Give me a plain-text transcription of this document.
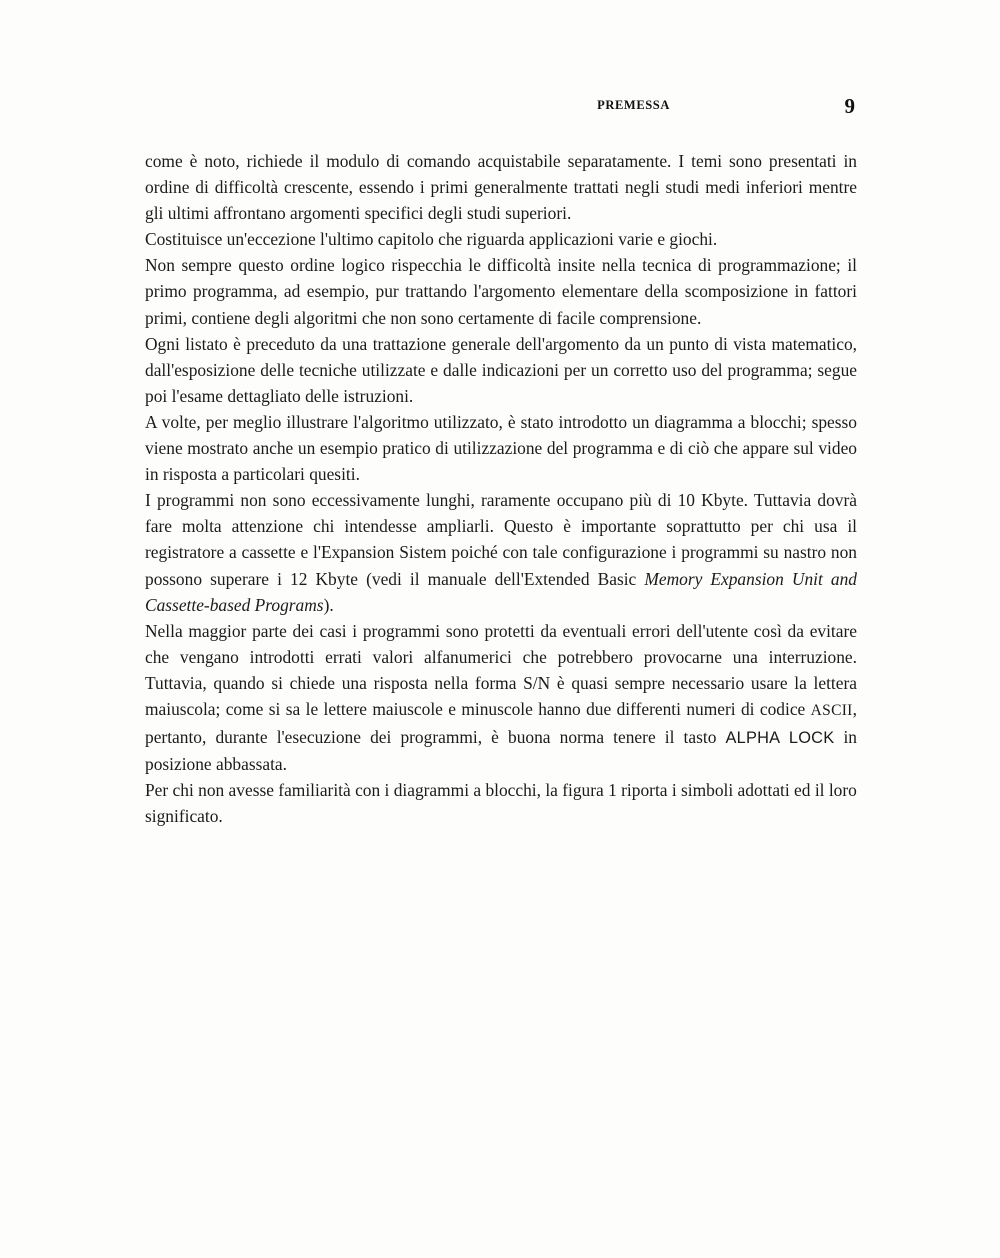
PREMESSA	9

come è noto, richiede il modulo di comando acquistabile separatamente. I temi sono presentati in ordine di difficoltà crescente, essendo i primi generalmente trattati negli studi medi inferiori mentre gli ultimi affrontano argomenti specifici degli studi superiori.

Costituisce un'eccezione l'ultimo capitolo che riguarda applicazioni varie e giochi.

Non sempre questo ordine logico rispecchia le difficoltà insite nella tecnica di programmazione; il primo programma, ad esempio, pur trattando l'argomento elementare della scomposizione in fattori primi, contiene degli algoritmi che non sono certamente di facile comprensione.

Ogni listato è preceduto da una trattazione generale dell'argomento da un punto di vista matematico, dall'esposizione delle tecniche utilizzate e dalle indicazioni per un corretto uso del programma; segue poi l'esame dettagliato delle istruzioni.

A volte, per meglio illustrare l'algoritmo utilizzato, è stato introdotto un diagramma a blocchi; spesso viene mostrato anche un esempio pratico di utilizzazione del programma e di ciò che appare sul video in risposta a particolari quesiti.

I programmi non sono eccessivamente lunghi, raramente occupano più di 10 Kbyte. Tuttavia dovrà fare molta attenzione chi intendesse ampliarli. Questo è importante soprattutto per chi usa il registratore a cassette e l'Expansion Sistem poiché con tale configurazione i programmi su nastro non possono superare i 12 Kbyte (vedi il manuale dell'Extended Basic Memory Expansion Unit and Cassette-based Programs).

Nella maggior parte dei casi i programmi sono protetti da eventuali errori dell'utente così da evitare che vengano introdotti errati valori alfanumerici che potrebbero provocarne una interruzione. Tuttavia, quando si chiede una risposta nella forma S/N è quasi sempre necessario usare la lettera maiuscola; come si sa le lettere maiuscole e minuscole hanno due differenti numeri di codice ASCII, pertanto, durante l'esecuzione dei programmi, è buona norma tenere il tasto ALPHA LOCK in posizione abbassata.

Per chi non avesse familiarità con i diagrammi a blocchi, la figura 1 riporta i simboli adottati ed il loro significato.
